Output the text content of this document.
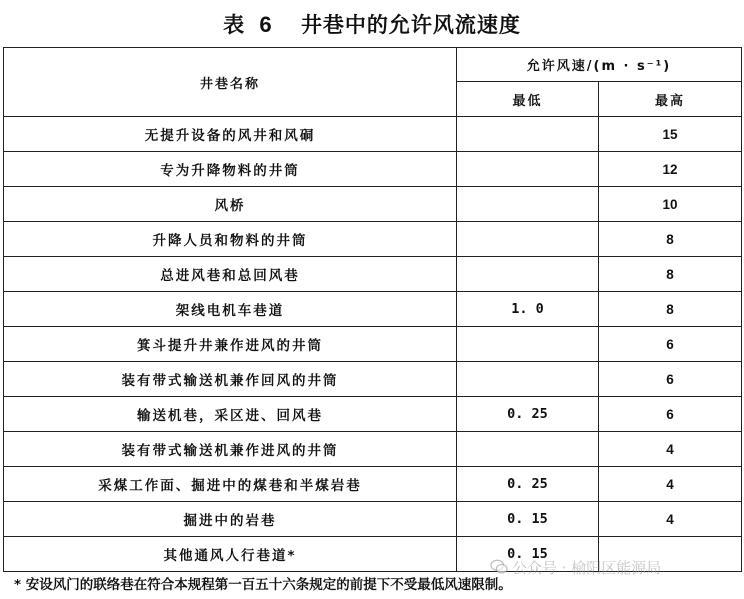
表 6 井巷中的允许风流速度
井巷名称	允许风速/(m · s⁻¹)	
	最低	最高
无提升设备的风井和风硐		15
专为升降物料的井筒		12
风桥		10
升降人员和物料的井筒		8
总进风巷和总回风巷		8
架线电机车巷道	1. 0	8
箕斗提升井兼作进风的井筒		6
装有带式输送机兼作回风的井筒		6
输送机巷，采区进、回风巷	0. 25	6
装有带式输送机兼作进风的井筒		4
采煤工作面、掘进中的煤巷和半煤岩巷	0. 25	4
掘进中的岩巷	0. 15	4
其他通风人行巷道*	0. 15	
* 安设风门的联络巷在符合本规程第一百五十六条规定的前提下不受最低风速限制。
公众号 · 榆阳区能源局
